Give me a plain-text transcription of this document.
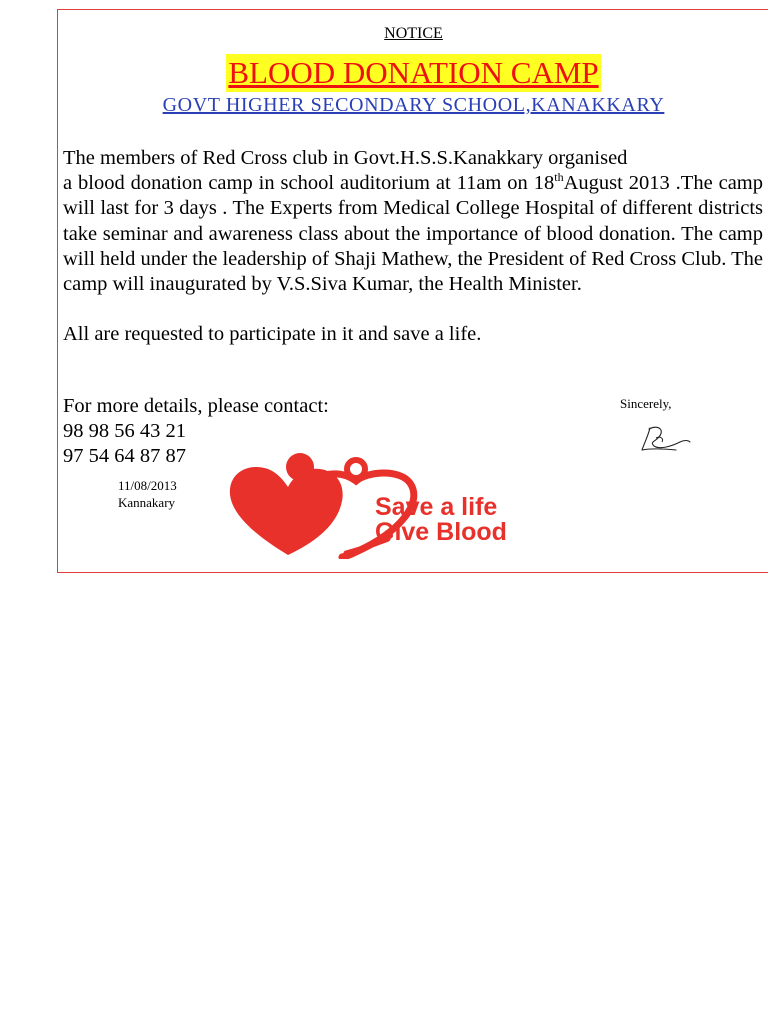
NOTICE
BLOOD DONATION CAMP
GOVT HIGHER SECONDARY SCHOOL,KANAKKARY

The members of Red Cross club in Govt.H.S.S.Kanakkary organised
a blood donation camp in school auditorium at 11am on 18thAugust 2013 .The camp will last for 3 days . The Experts from Medical College Hospital of different districts take seminar and awareness class about the importance of blood donation. The camp will held under the leadership of Shaji Mathew, the President of Red Cross Club. The camp will inaugurated by V.S.Siva Kumar, the Health Minister.

All are requested to participate in it and save a life.

For more details, please contact:
98 98 56 43 21
97 54 64 87 87
11/08/2013
Kannakary
Sincerely,
Save a life
Give Blood
